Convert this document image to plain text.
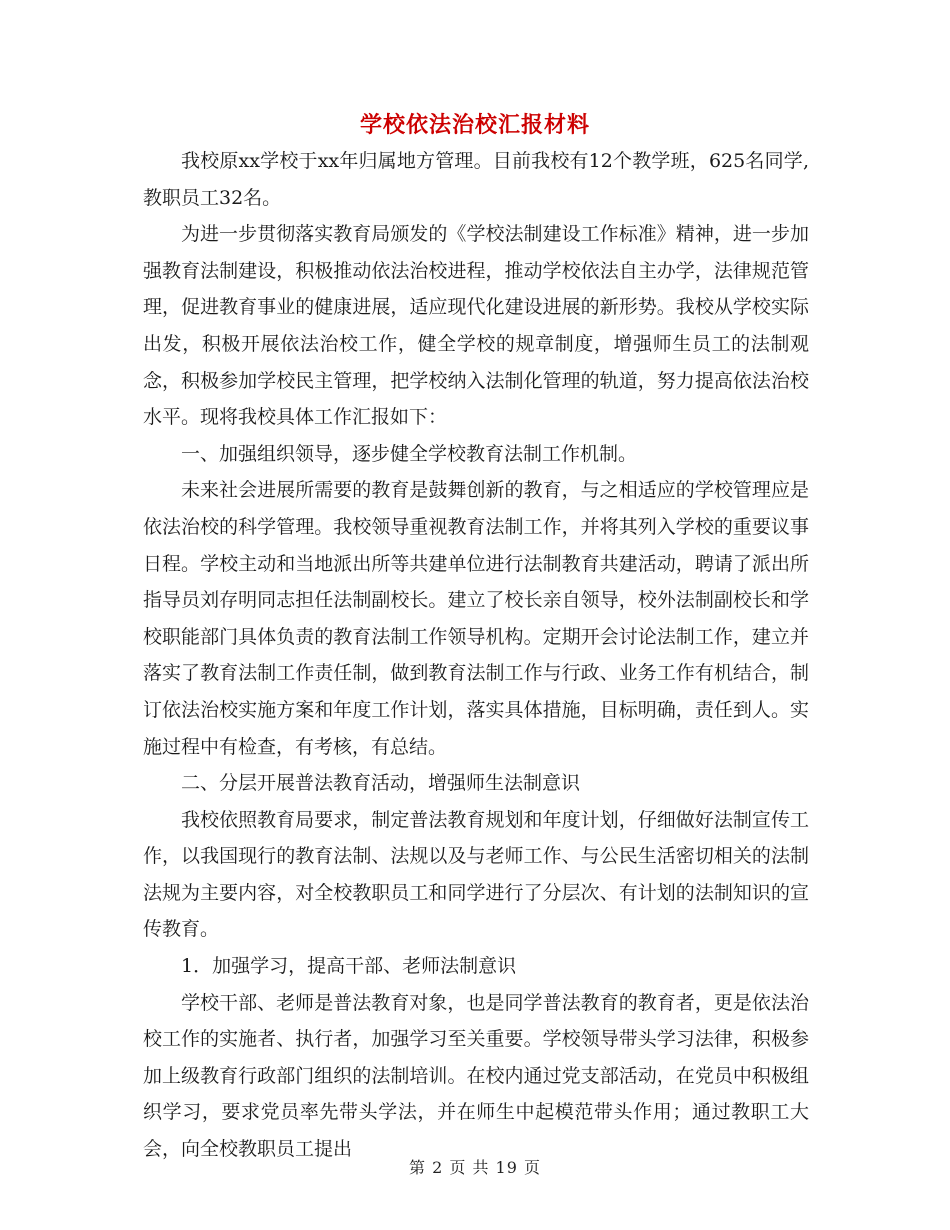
学校依法治校汇报材料

我校原xx学校于xx年归属地方管理。目前我校有12个教学班，625名同学,教职员工32名。

为进一步贯彻落实教育局颁发的《学校法制建设工作标准》精神，进一步加强教育法制建设，积极推动依法治校进程，推动学校依法自主办学，法律规范管理，促进教育事业的健康进展，适应现代化建设进展的新形势。我校从学校实际出发，积极开展依法治校工作，健全学校的规章制度，增强师生员工的法制观念，积极参加学校民主管理，把学校纳入法制化管理的轨道，努力提高依法治校水平。现将我校具体工作汇报如下：

一、加强组织领导，逐步健全学校教育法制工作机制。

未来社会进展所需要的教育是鼓舞创新的教育，与之相适应的学校管理应是依法治校的科学管理。我校领导重视教育法制工作，并将其列入学校的重要议事日程。学校主动和当地派出所等共建单位进行法制教育共建活动，聘请了派出所指导员刘存明同志担任法制副校长。建立了校长亲自领导，校外法制副校长和学校职能部门具体负责的教育法制工作领导机构。定期开会讨论法制工作，建立并落实了教育法制工作责任制，做到教育法制工作与行政、业务工作有机结合，制订依法治校实施方案和年度工作计划，落实具体措施，目标明确，责任到人。实施过程中有检查，有考核，有总结。

二、分层开展普法教育活动，增强师生法制意识

我校依照教育局要求，制定普法教育规划和年度计划，仔细做好法制宣传工作，以我国现行的教育法制、法规以及与老师工作、与公民生活密切相关的法制法规为主要内容，对全校教职员工和同学进行了分层次、有计划的法制知识的宣传教育。

1．加强学习，提高干部、老师法制意识

学校干部、老师是普法教育对象，也是同学普法教育的教育者，更是依法治校工作的实施者、执行者，加强学习至关重要。学校领导带头学习法律，积极参加上级教育行政部门组织的法制培训。在校内通过党支部活动，在党员中积极组织学习，要求党员率先带头学法，并在师生中起模范带头作用；通过教职工大会，向全校教职员工提出

第 2 页 共 19 页
